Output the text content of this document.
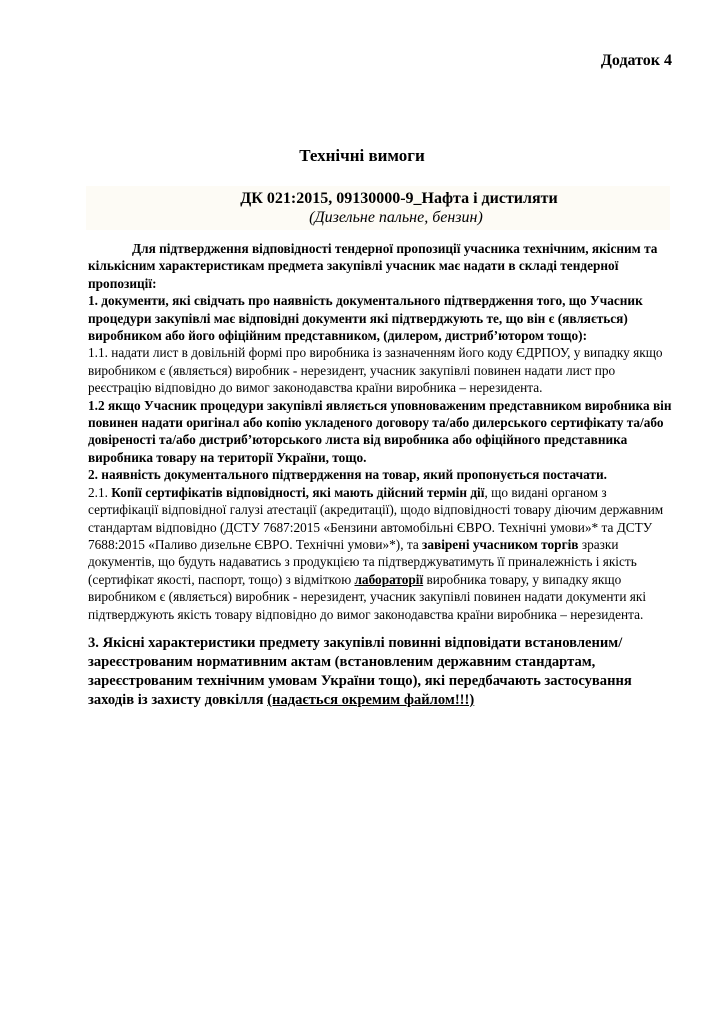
Додаток 4
Технічні вимоги
ДК 021:2015, 09130000-9_Нафта і дистиляти
(Дизельне пальне, бензин)

Для підтвердження відповідності тендерної пропозиції учасника технічним, якісним та кількісним характеристикам предмета закупівлі учасник має надати в складі тендерної пропозиції:

1. документи, які свідчать про наявність документального підтвердження того, що Учасник процедури закупівлі має відповідні документи які підтверджують те, що він є (являється) виробником або його офіційним представником, (дилером, дистриб’ютором тощо):

1.1. надати лист в довільній формі про виробника із зазначенням його коду ЄДРПОУ, у випадку якщо виробником є (являється) виробник - нерезидент, учасник закупівлі повинен надати лист про реєстрацію відповідно до вимог законодавства країни виробника – нерезидента.

1.2 якщо Учасник процедури закупівлі являється уповноваженим представником виробника він повинен надати оригінал або копію укладеного договору та/або дилерського сертифікату та/або довіреності та/або дистриб’юторського листа від виробника або офіційного представника виробника товару на території України, тощо.

2. наявність документального підтвердження на товар, який пропонується постачати.

2.1. Копії сертифікатів відповідності, які мають дійсний термін дії, що видані органом з сертифікації відповідної галузі атестації (акредитації), щодо відповідності товару діючим державним стандартам відповідно (ДСТУ 7687:2015 «Бензини автомобільні ЄВРО. Технічні умови»* та ДСТУ 7688:2015 «Паливо дизельне ЄВРО. Технічні умови»*), та завірені учасником торгів зразки документів, що будуть надаватись з продукцією та підтверджуватимуть її приналежність і якість (сертифікат якості, паспорт, тощо) з відміткою лабораторії виробника товару, у випадку якщо виробником є (являється) виробник - нерезидент, учасник закупівлі повинен надати документи які підтверджують якість товару відповідно до вимог законодавства країни виробника – нерезидента.

3. Якісні характеристики предмету закупівлі повинні відповідати встановленим/зареєстрованим нормативним актам (встановленим державним стандартам, зареєстрованим технічним умовам України тощо), які передбачають застосування заходів із захисту довкілля (надається окремим файлом!!!)
